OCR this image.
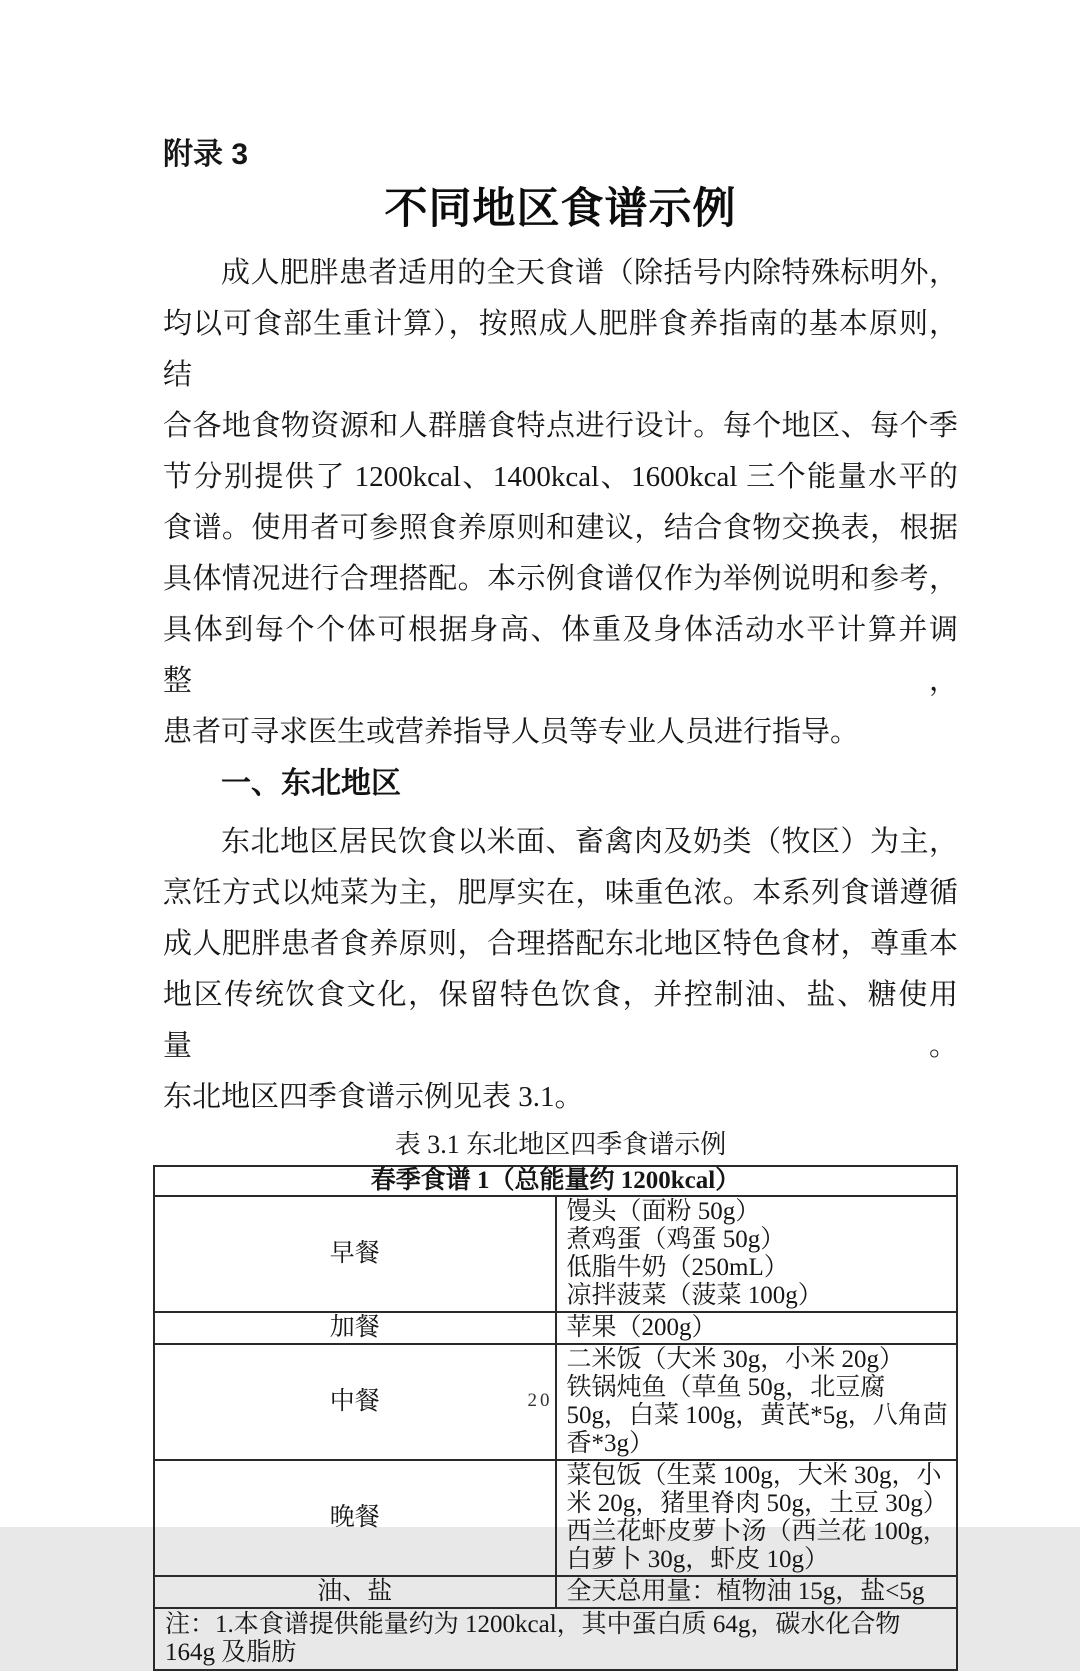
附录 3
不同地区食谱示例
成人肥胖患者适用的全天食谱（除括号内除特殊标明外，
均以可食部生重计算），按照成人肥胖食养指南的基本原则，结
合各地食物资源和人群膳食特点进行设计。每个地区、每个季
节分别提供了 1200kcal、1400kcal、1600kcal 三个能量水平的
食谱。使用者可参照食养原则和建议，结合食物交换表，根据
具体情况进行合理搭配。本示例食谱仅作为举例说明和参考，
具体到每个个体可根据身高、体重及身体活动水平计算并调整，
患者可寻求医生或营养指导人员等专业人员进行指导。
一、东北地区
东北地区居民饮食以米面、畜禽肉及奶类（牧区）为主，
烹饪方式以炖菜为主，肥厚实在，味重色浓。本系列食谱遵循
成人肥胖患者食养原则，合理搭配东北地区特色食材，尊重本
地区传统饮食文化，保留特色饮食，并控制油、盐、糖使用量。
东北地区四季食谱示例见表 3.1。
表 3.1 东北地区四季食谱示例
春季食谱 1（总能量约 1200kcal）	
早餐	馒头（面粉 50g）
煮鸡蛋（鸡蛋 50g）
低脂牛奶（250mL）
凉拌菠菜（菠菜 100g）

加餐	苹果（200g）

中餐	二米饭（大米 30g，小米 20g）
铁锅炖鱼（草鱼 50g，北豆腐 50g，白菜 100g，黄芪*5g，八角茴香*3g）

晚餐	菜包饭（生菜 100g，大米 30g，小米 20g，猪里脊肉 50g，土豆 30g）
西兰花虾皮萝卜汤（西兰花 100g，白萝卜 30g，虾皮 10g）

油、盐	全天总用量：植物油 15g，盐<5g

注：1.本食谱提供能量约为 1200kcal，其中蛋白质 64g，碳水化合物 164g 及脂肪	
20
